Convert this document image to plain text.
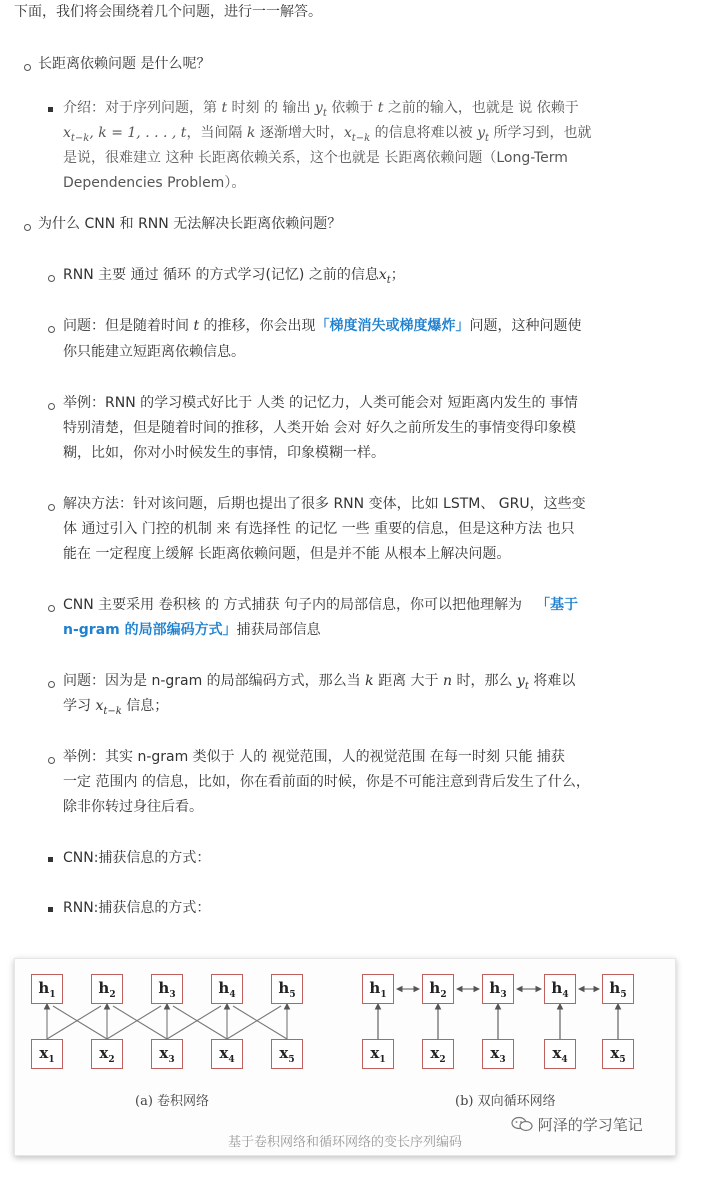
下面，我们将会围绕着几个问题，进行一一解答。
长距离依赖问题 是什么呢？
介绍：对于序列问题，第 t 时刻 的 输出 $y_t$ 依赖于 t 之前的输入，也就是 说 依赖于
$x_{t-k}$, k = 1, . . . , t，当间隔 k 逐渐增大时，$x_{t-k}$ 的信息将难以被 $y_t$ 所学习到，也就
是说，很难建立 这种 长距离依赖关系，这个也就是 长距离依赖问题（Long-Term
Dependencies Problem）。
为什么 CNN 和 RNN 无法解决长距离依赖问题？
RNN 主要 通过 循环 的方式学习(记忆) 之前的信息$x_t$；
问题：但是随着时间 t 的推移，你会出现「梯度消失或梯度爆炸」问题，这种问题使
你只能建立短距离依赖信息。
举例：RNN 的学习模式好比于 人类 的记忆力，人类可能会对 短距离内发生的 事情
特别清楚，但是随着时间的推移，人类开始 会对 好久之前所发生的事情变得印象模
糊，比如，你对小时候发生的事情，印象模糊一样。
解决方法：针对该问题，后期也提出了很多 RNN 变体，比如 LSTM、 GRU，这些变
体 通过引入 门控的机制 来 有选择性 的记忆 一些 重要的信息，但是这种方法 也只
能在 一定程度上缓解 长距离依赖问题，但是并不能 从根本上解决问题。
CNN 主要采用 卷积核 的 方式捕获 句子内的局部信息，你可以把他理解为 「基于
n-gram 的局部编码方式」捕获局部信息
问题：因为是 n-gram 的局部编码方式，那么当 k 距离 大于 n 时，那么 $y_t$ 将难以
学习 $x_{t-k}$ 信息；
举例：其实 n-gram 类似于 人的 视觉范围，人的视觉范围 在每一时刻 只能 捕获
一定 范围内 的信息，比如，你在看前面的时候，你是不可能注意到背后发生了什么，
除非你转过身往后看。
CNN:捕获信息的方式：
RNN:捕获信息的方式：
$h_1$	$h_2$	$h_3$	$h_4$	$h_5$
$x_1$	$x_2$	$x_3$	$x_4$	$x_5$
$h_1$	$h_2$	$h_3$	$h_4$	$h_5$
$x_1$	$x_2$	$x_3$	$x_4$	$x_5$
(a) 卷积网络	(b) 双向循环网络
阿泽的学习笔记
基于卷积网络和循环网络的变长序列编码
